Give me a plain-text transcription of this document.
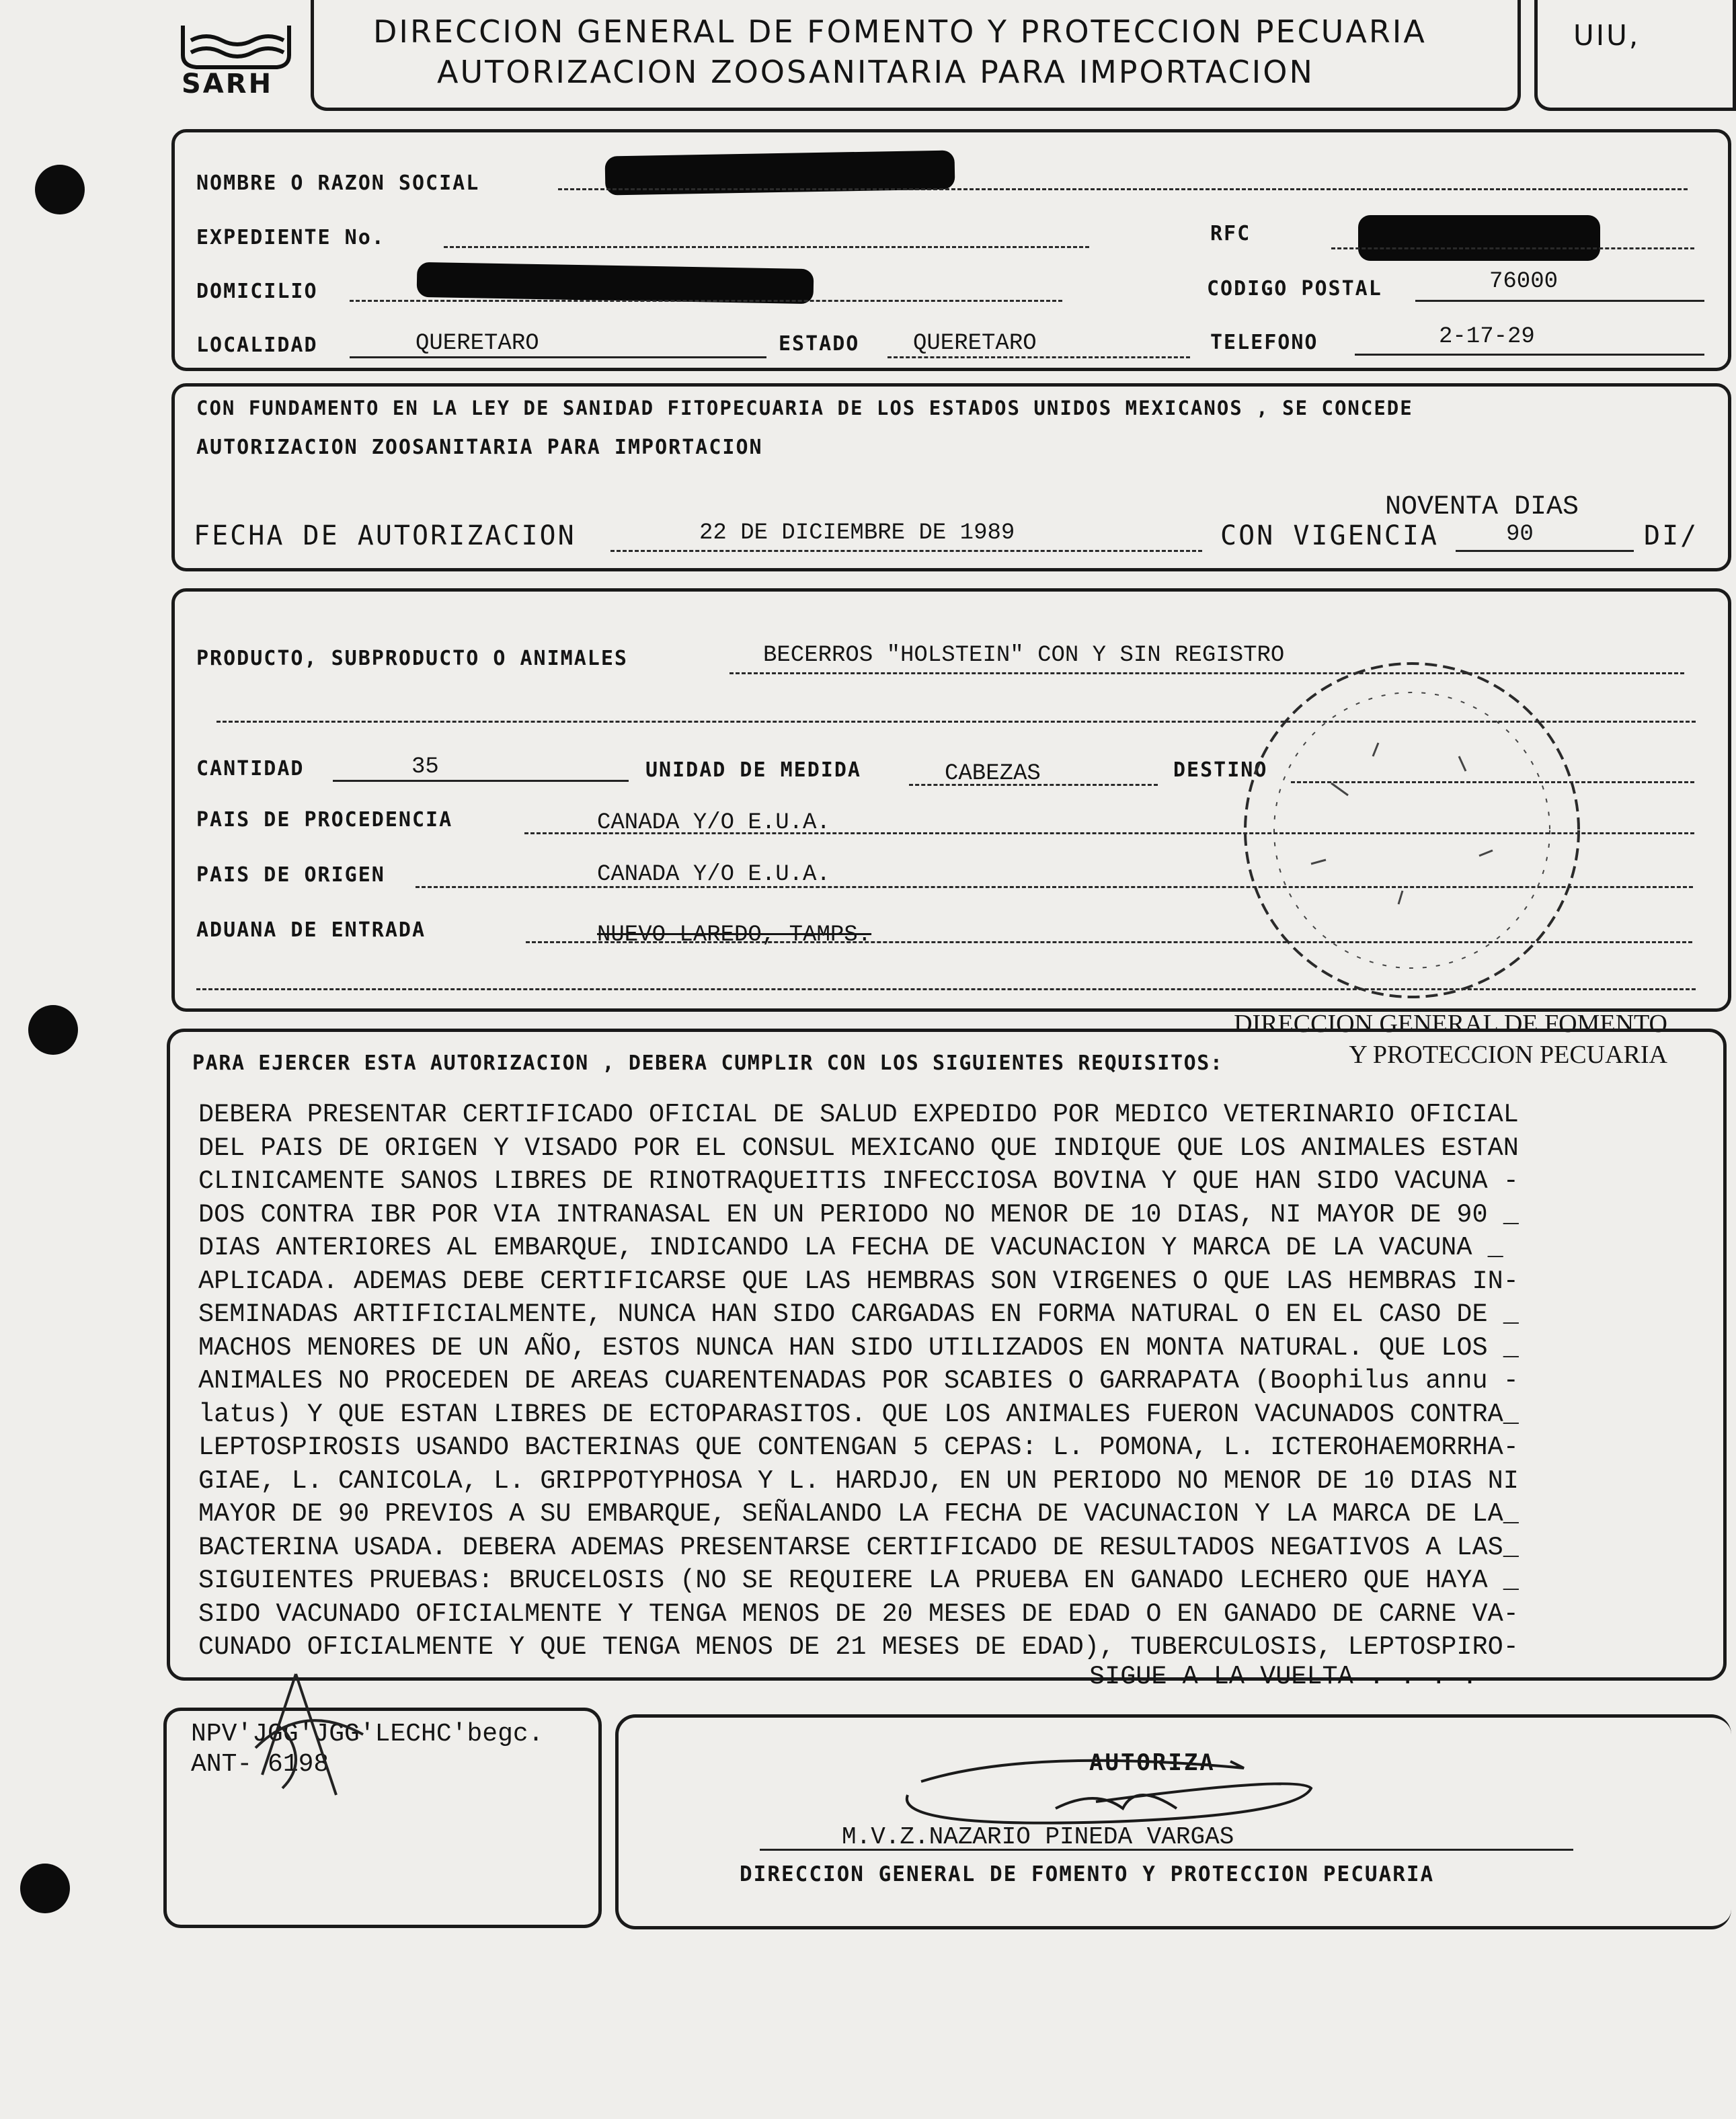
SARH
DIRECCION GENERAL DE FOMENTO Y PROTECCION PECUARIA
AUTORIZACION ZOOSANITARIA PARA IMPORTACION
UIU,
NOMBRE O RAZON SOCIAL
EXPEDIENTE No.	RFC
DOMICILIO	CODIGO POSTAL	76000
LOCALIDAD	QUERETARO	ESTADO QUERETARO	TELEFONO	2-17-29
CON FUNDAMENTO EN LA LEY DE SANIDAD FITOPECUARIA DE LOS ESTADOS UNIDOS MEXICANOS , SE CONCEDE
AUTORIZACION ZOOSANITARIA PARA IMPORTACION
NOVENTA DIAS
FECHA DE AUTORIZACION	22 DE DICIEMBRE DE 1989	CON VIGENCIA	90	DI/
PRODUCTO, SUBPRODUCTO O ANIMALES	BECERROS "HOLSTEIN" CON Y SIN REGISTRO
CANTIDAD	35	UNIDAD DE MEDIDA	CABEZAS	DESTINO
PAIS DE PROCEDENCIA	CANADA Y/O E.U.A.
PAIS DE ORIGEN	CANADA Y/O E.U.A.
ADUANA DE ENTRADA	NUEVO LAREDO, TAMPS.
DIRECCION GENERAL DE FOMENTO Y PROTECCION PECUARIA
PARA EJERCER ESTA AUTORIZACION , DEBERA CUMPLIR CON LOS SIGUIENTES REQUISITOS:
DEBERA PRESENTAR CERTIFICADO OFICIAL DE SALUD EXPEDIDO POR MEDICO VETERINARIO OFICIAL
DEL PAIS DE ORIGEN Y VISADO POR EL CONSUL MEXICANO QUE INDIQUE QUE LOS ANIMALES ESTAN
CLINICAMENTE SANOS LIBRES DE RINOTRAQUEITIS INFECCIOSA BOVINA Y QUE HAN SIDO VACUNA -
DOS CONTRA IBR POR VIA INTRANASAL EN UN PERIODO NO MENOR DE 10 DIAS, NI MAYOR DE 90 _
DIAS ANTERIORES AL EMBARQUE, INDICANDO LA FECHA DE VACUNACION Y MARCA DE LA VACUNA _
APLICADA. ADEMAS DEBE CERTIFICARSE QUE LAS HEMBRAS SON VIRGENES O QUE LAS HEMBRAS IN-
SEMINADAS ARTIFICIALMENTE, NUNCA HAN SIDO CARGADAS EN FORMA NATURAL O EN EL CASO DE _
MACHOS MENORES DE UN AÑO, ESTOS NUNCA HAN SIDO UTILIZADOS EN MONTA NATURAL. QUE LOS _
ANIMALES NO PROCEDEN DE AREAS CUARENTENADAS POR SCABIES O GARRAPATA (Boophilus annu -
latus) Y QUE ESTAN LIBRES DE ECTOPARASITOS. QUE LOS ANIMALES FUERON VACUNADOS CONTRA_
LEPTOSPIROSIS USANDO BACTERINAS QUE CONTENGAN 5 CEPAS: L. POMONA, L. ICTEROHAEMORRHA-
GIAE, L. CANICOLA, L. GRIPPOTYPHOSA Y L. HARDJO, EN UN PERIODO NO MENOR DE 10 DIAS NI
MAYOR DE 90 PREVIOS A SU EMBARQUE, SEÑALANDO LA FECHA DE VACUNACION Y LA MARCA DE LA_
BACTERINA USADA. DEBERA ADEMAS PRESENTARSE CERTIFICADO DE RESULTADOS NEGATIVOS A LAS_
SIGUIENTES PRUEBAS: BRUCELOSIS (NO SE REQUIERE LA PRUEBA EN GANADO LECHERO QUE HAYA _
SIDO VACUNADO OFICIALMENTE Y TENGA MENOS DE 20 MESES DE EDAD O EN GANADO DE CARNE VA-
CUNADO OFICIALMENTE Y QUE TENGA MENOS DE 21 MESES DE EDAD), TUBERCULOSIS, LEPTOSPIRO-
SIGUE A LA VUELTA . . . .
NPV'JGG'JGG'LECHC'begc.
ANT- 6198	AUTORIZA
M.V.Z.NAZARIO PINEDA VARGAS
DIRECCION GENERAL DE FOMENTO Y PROTECCION PECUARIA
